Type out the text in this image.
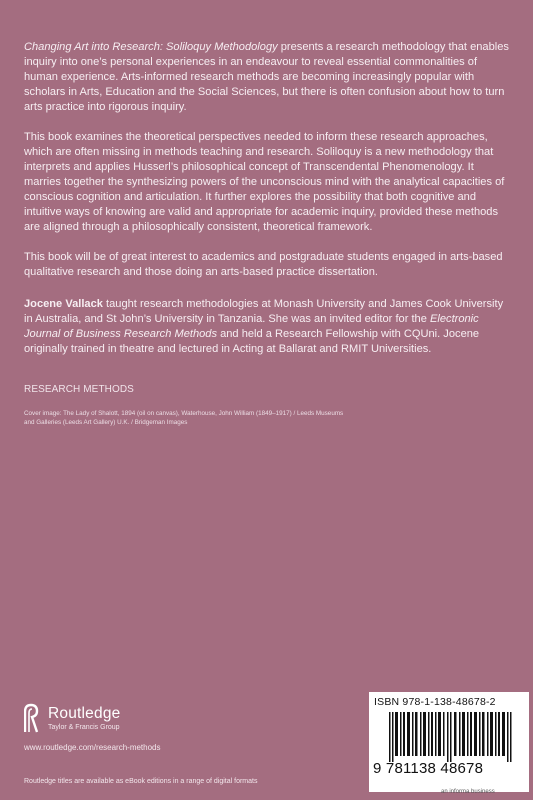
Changing Art into Research: Soliloquy Methodology presents a research methodology that enables inquiry into one’s personal experiences in an endeavour to reveal essential commonalities of human experience. Arts-informed research methods are becoming increasingly popular with scholars in Arts, Education and the Social Sciences, but there is often confusion about how to turn arts practice into rigorous inquiry.

This book examines the theoretical perspectives needed to inform these research approaches, which are often missing in methods teaching and research. Soliloquy is a new methodology that interprets and applies Husserl’s philosophical concept of Transcendental Phenomenology. It marries together the synthesizing powers of the unconscious mind with the analytical capacities of conscious cognition and articulation. It further explores the possibility that both cognitive and intuitive ways of knowing are valid and appropriate for academic inquiry, provided these methods are aligned through a philosophically consistent, theoretical framework.

This book will be of great interest to academics and postgraduate students engaged in arts-based qualitative research and those doing an arts-based practice dissertation.

Jocene Vallack taught research methodologies at Monash University and James Cook University in Australia, and St John’s University in Tanzania. She was an invited editor for the Electronic Journal of Business Research Methods and held a Research Fellowship with CQUni. Jocene originally trained in theatre and lectured in Acting at Ballarat and RMIT Universities.

RESEARCH METHODS
Cover image: The Lady of Shalott, 1894 (oil on canvas), Waterhouse, John William (1849–1917) / Leeds Museums and Galleries (Leeds Art Gallery) U.K. / Bridgeman Images
Routledge
Taylor & Francis Group
www.routledge.com/research-methods
Routledge titles are available as eBook editions in a range of digital formats
ISBN 978-1-138-48678-2
9 781138 48678
an informa business
